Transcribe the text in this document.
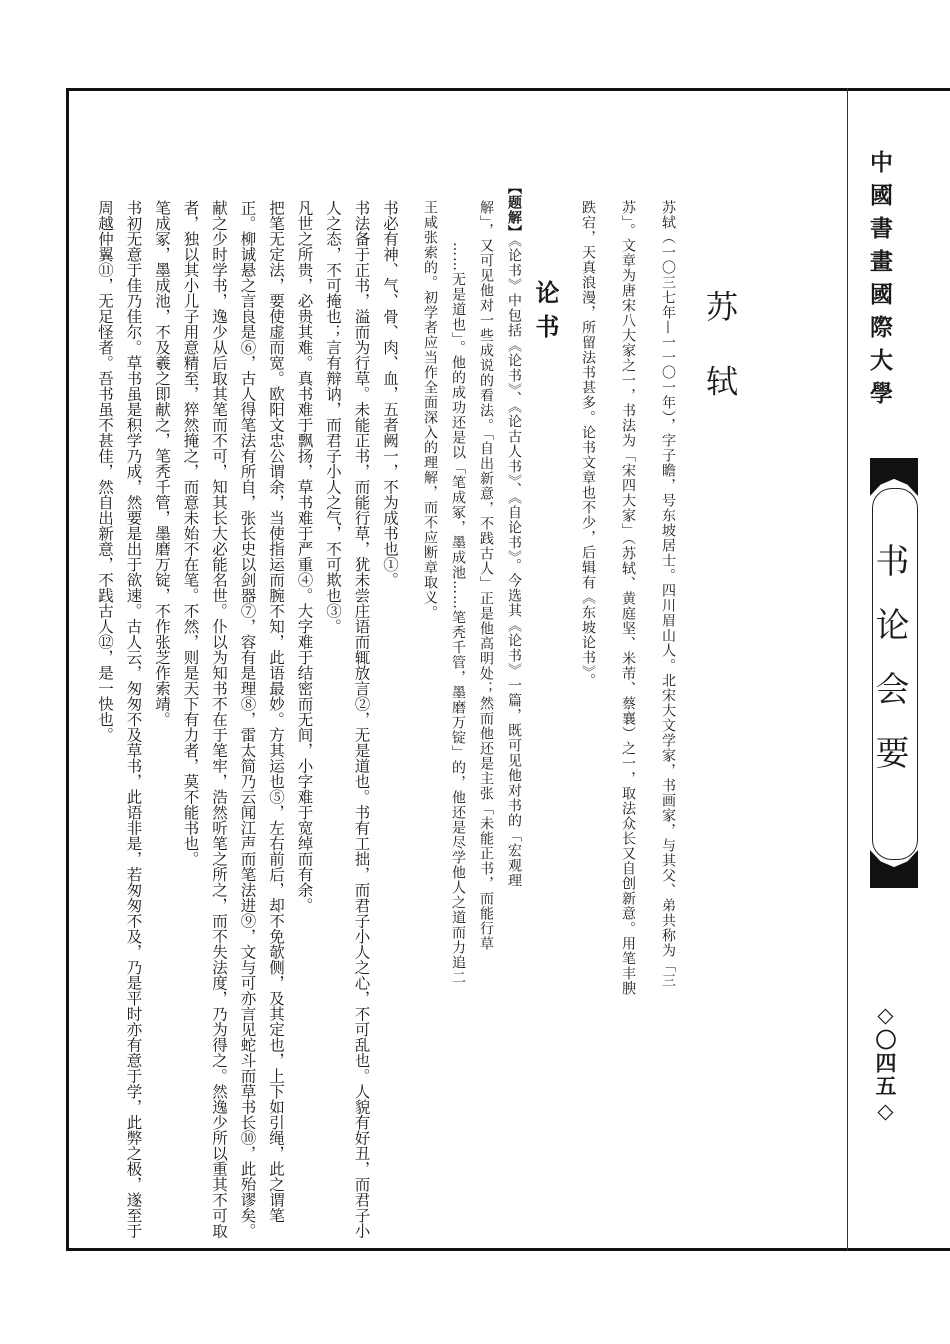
中國書畫國際大學
书论会要
◇〇四五◇

苏 轼

苏轼（一〇三七年—一一〇一年），字子瞻，号东坡居士。四川眉山人。北宋大文学家，书画家，与其父、弟共称为「三

苏」。文章为唐宋八大家之一，书法为「宋四大家」（苏轼、黄庭坚、米芾、蔡襄）之一，取法众长又自创新意。用笔丰腴

跌宕，天真浪漫，所留法书甚多。论书文章也不少，后辑有《东坡论书》。

论书

【题解】《论书》中包括《论书》、《论古人书》、《自论书》。今选其《论书》一篇，既可见他对书的「宏观理

解」，又可见他对一些成说的看法。「自出新意，不践古人」正是他高明处；然而他还是主张「未能正书，而能行草

……无是道也」。他的成功还是以「笔成冢，墨成池……笔秃千管，墨磨万锭」的，他还是尽学他人之道而力追二

王咸张索的。初学者应当作全面深入的理解，而不应断章取义。

书必有神、气、骨、肉、血，五者阙一，不为成书也①。

书法备于正书，溢而为行草。未能正书，而能行草，犹未尝庄语而辄放言②，无是道也。书有工拙，而君子小人之心，不可乱也。人貌有好丑，而君子小人之态，不可掩也；言有辩讷，而君子小人之气，不可欺也③。

凡世之所贵，必贵其难。真书难于飘扬，草书难于严重④。大字难于结密而无间，小字难于宽绰而有余。

把笔无定法，要使虚而宽。欧阳文忠公谓余，当使指运而腕不知，此语最妙。方其运也⑤，左右前后，却不免欹侧，及其定也，上下如引绳，此之谓笔正。柳诚悬之言良是⑥，古人得笔法有所自，张长史以剑器⑦，容有是理⑧，雷太简乃云闻江声而笔法进⑨，文与可亦言见蛇斗而草书长⑩，此殆谬矣。

献之少时学书，逸少从后取其笔而不可，知其长大必能名世。仆以为知书不在于笔牢，浩然听笔之所之，而不失法度，乃为得之。然逸少所以重其不可取者，独以其小儿子用意精至，猝然掩之，而意未始不在笔。不然，则是天下有力者，莫不能书也。

笔成冢，墨成池，不及羲之即献之，笔秃千管，墨磨万锭，不作张芝作索靖。

书初无意于佳乃佳尔。草书虽是积学乃成，然要是出于欲速。古人云，匆匆不及草书，此语非是，若匆匆不及，乃是平时亦有意于学，此弊之极，遂至于周越仲翼⑪，无足怪者。吾书虽不甚佳，然自出新意，不践古人⑫，是一快也。
